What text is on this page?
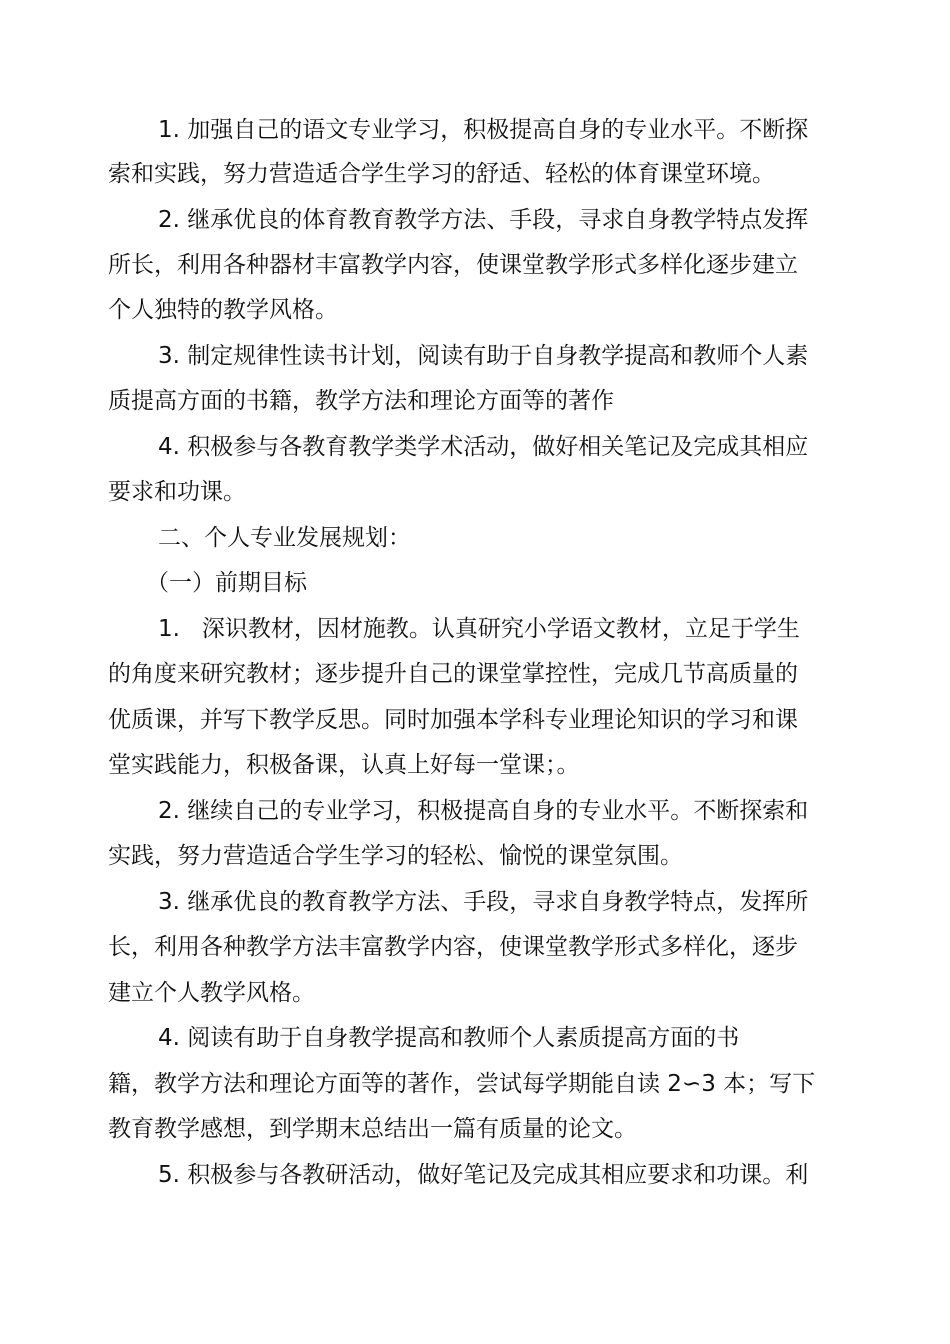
1. 加强自己的语文专业学习，积极提高自身的专业水平。不断探
索和实践，努力营造适合学生学习的舒适、轻松的体育课堂环境。
2. 继承优良的体育教育教学方法、手段，寻求自身教学特点发挥
所长，利用各种器材丰富教学内容，使课堂教学形式多样化逐步建立
个人独特的教学风格。
3. 制定规律性读书计划，阅读有助于自身教学提高和教师个人素
质提高方面的书籍，教学方法和理论方面等的著作
4. 积极参与各教育教学类学术活动，做好相关笔记及完成其相应
要求和功课。
二、个人专业发展规划：
（一）前期目标
1.   深识教材，因材施教。认真研究小学语文教材，立足于学生
的角度来研究教材；逐步提升自己的课堂掌控性，完成几节高质量的
优质课，并写下教学反思。同时加强本学科专业理论知识的学习和课
堂实践能力，积极备课，认真上好每一堂课；。
2. 继续自己的专业学习，积极提高自身的专业水平。不断探索和
实践，努力营造适合学生学习的轻松、愉悦的课堂氛围。
3. 继承优良的教育教学方法、手段，寻求自身教学特点，发挥所
长，利用各种教学方法丰富教学内容，使课堂教学形式多样化，逐步
建立个人教学风格。
4. 阅读有助于自身教学提高和教师个人素质提高方面的书
籍，教学方法和理论方面等的著作，尝试每学期能自读 2∽3 本；写下
教育教学感想，到学期末总结出一篇有质量的论文。
5. 积极参与各教研活动，做好笔记及完成其相应要求和功课。利
